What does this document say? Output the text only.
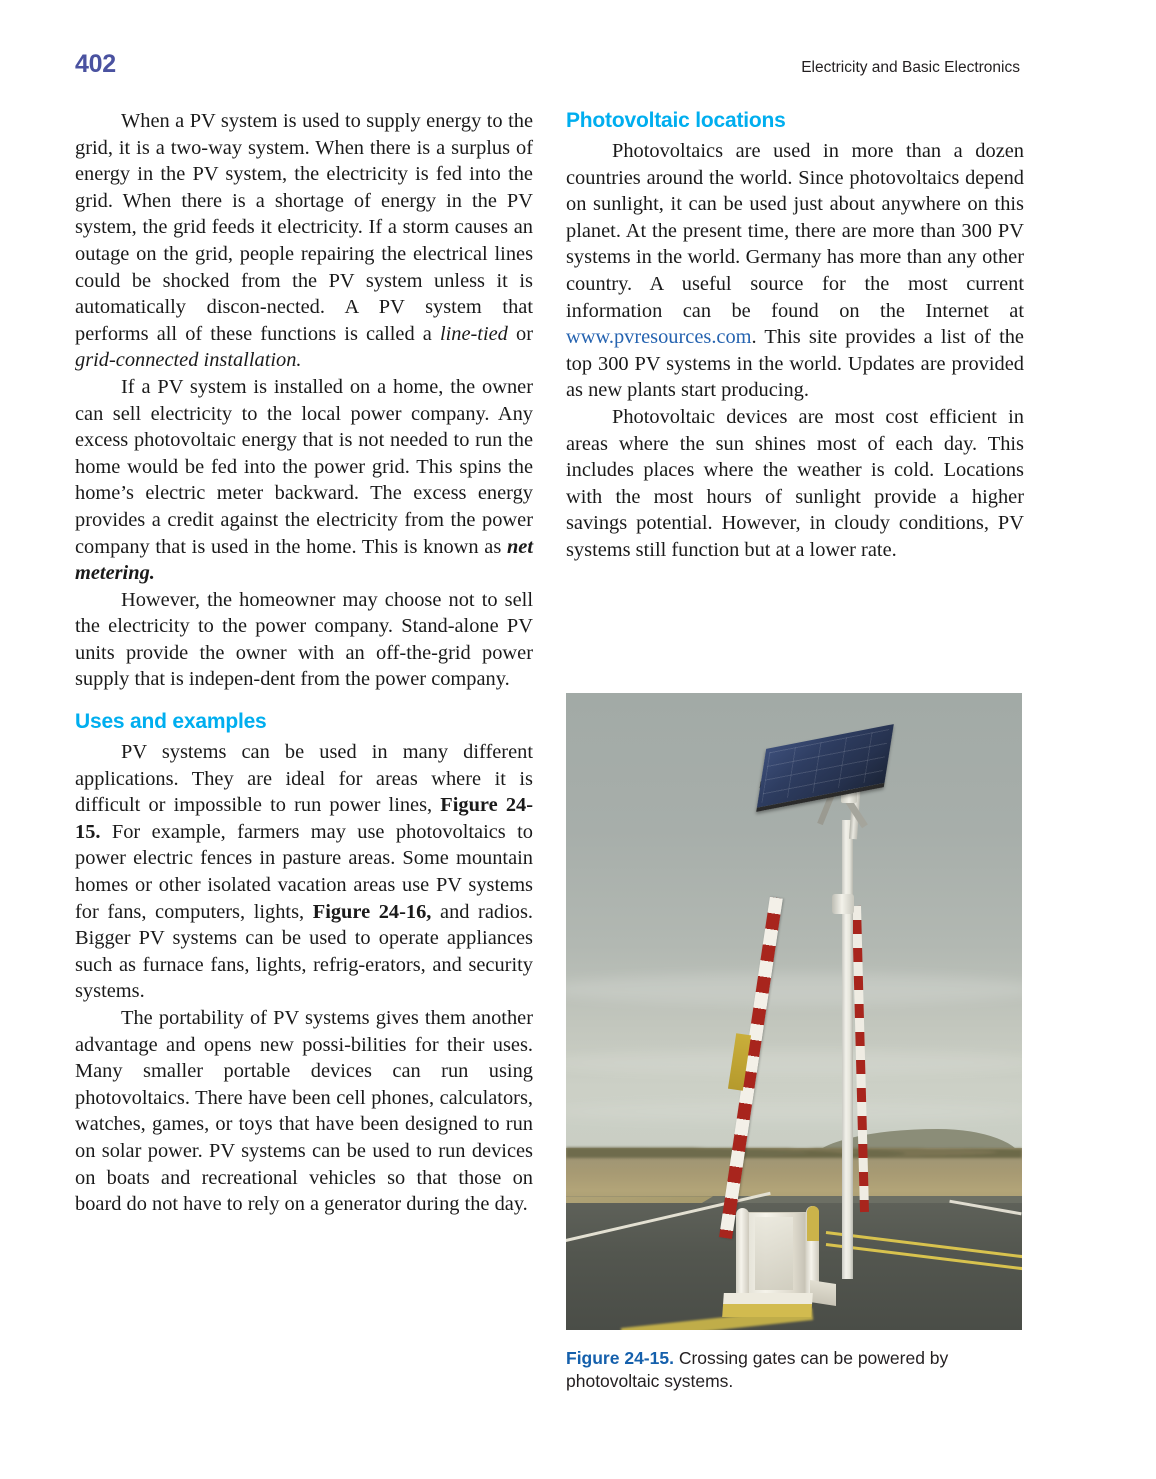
402	Electricity and Basic Electronics

When a PV system is used to supply energy to the grid, it is a two-way system. When there is a surplus of energy in the PV system, the electricity is fed into the grid. When there is a shortage of energy in the PV system, the grid feeds it electricity. If a storm causes an outage on the grid, people repairing the electrical lines could be shocked from the PV system unless it is automatically discon-nected. A PV system that performs all of these functions is called a line-tied or grid-connected installation.

If a PV system is installed on a home, the owner can sell electricity to the local power company. Any excess photovoltaic energy that is not needed to run the home would be fed into the power grid. This spins the home’s electric meter backward. The excess energy provides a credit against the electricity from the power company that is used in the home. This is known as net metering.

However, the homeowner may choose not to sell the electricity to the power company. Stand-alone PV units provide the owner with an off-the-grid power supply that is indepen-dent from the power company.

Uses and examples

PV systems can be used in many different applications. They are ideal for areas where it is difficult or impossible to run power lines, Figure 24-15. For example, farmers may use photovoltaics to power electric fences in pasture areas. Some mountain homes or other isolated vacation areas use PV systems for fans, computers, lights, Figure 24-16, and radios. Bigger PV systems can be used to operate appliances such as furnace fans, lights, refrig-erators, and security systems.

The portability of PV systems gives them another advantage and opens new possi-bilities for their uses. Many smaller portable devices can run using photovoltaics. There have been cell phones, calculators, watches, games, or toys that have been designed to run on solar power. PV systems can be used to run devices on boats and recreational vehicles so that those on board do not have to rely on a generator during the day.

Photovoltaic locations

Photovoltaics are used in more than a dozen countries around the world. Since photovoltaics depend on sunlight, it can be used just about anywhere on this planet. At the present time, there are more than 300 PV systems in the world. Germany has more than any other country. A useful source for the most current information can be found on the Internet at www.pvresources.com. This site provides a list of the top 300 PV systems in the world. Updates are provided as new plants start producing.

Photovoltaic devices are most cost efficient in areas where the sun shines most of each day. This includes places where the weather is cold. Locations with the most hours of sunlight provide a higher savings potential. However, in cloudy conditions, PV systems still function but at a lower rate.

Figure 24-15. Crossing gates can be powered by photovoltaic systems.
